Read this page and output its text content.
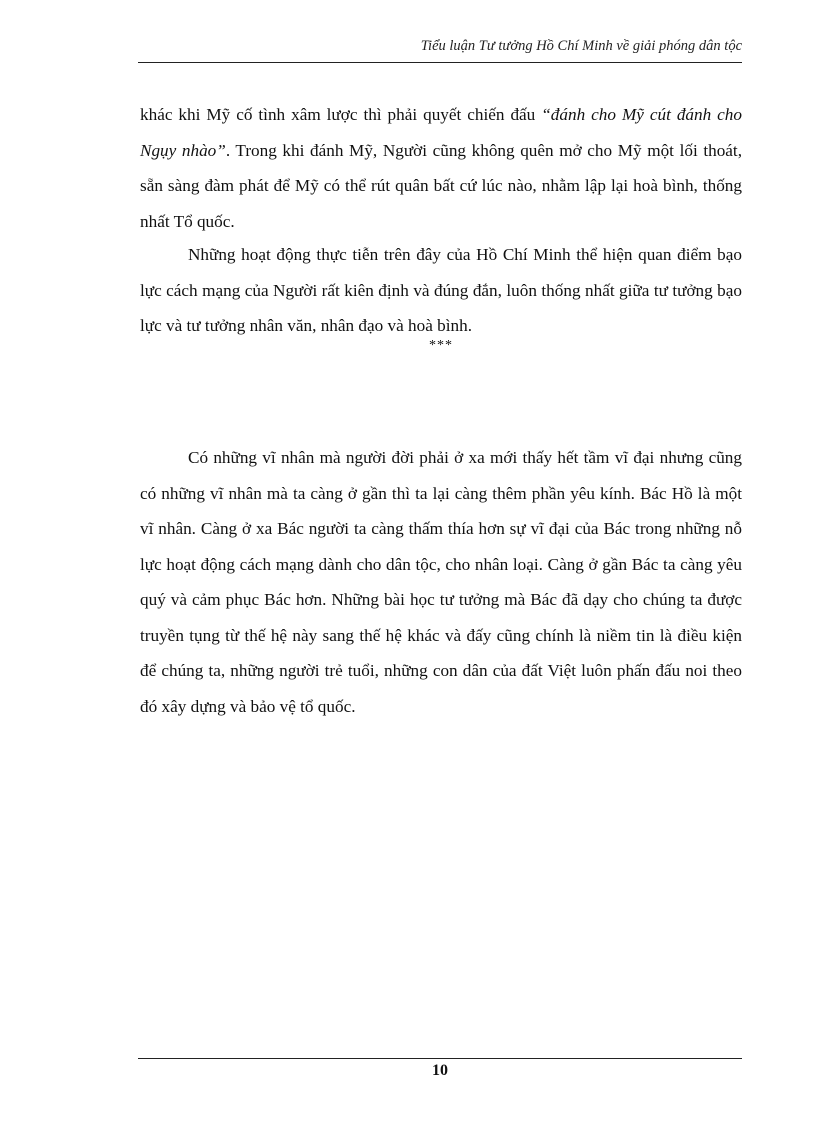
Tiểu luận Tư tưởng Hồ Chí Minh về giải phóng dân tộc

khác khi Mỹ cố tình xâm lược thì phải quyết chiến đấu “đánh cho Mỹ cút đánh cho Ngụy nhào”. Trong khi đánh Mỹ, Người cũng không quên mở cho Mỹ một lối thoát, sẵn sàng đàm phát để Mỹ có thể rút quân bất cứ lúc nào, nhằm lập lại hoà bình, thống nhất Tổ quốc.

Những hoạt động thực tiễn trên đây của Hồ Chí Minh thể hiện quan điểm bạo lực cách mạng của Người rất kiên định và đúng đắn, luôn thống nhất giữa tư tưởng bạo lực và tư tưởng nhân văn, nhân đạo và hoà bình.

***

Có những vĩ nhân mà người đời phải ở xa mới thấy hết tầm vĩ đại nhưng cũng có những vĩ nhân mà ta càng ở gần thì ta lại càng thêm phần yêu kính. Bác Hồ là một vĩ nhân. Càng ở xa Bác người ta càng thấm thía hơn sự vĩ đại của Bác trong những nỗ lực hoạt động cách mạng dành cho dân tộc, cho nhân loại. Càng ở gần Bác ta càng yêu quý và cảm phục Bác hơn. Những bài học tư tưởng mà Bác đã dạy cho chúng ta được truyền tụng từ thế hệ này sang thế hệ khác và đấy cũng chính là niềm tin là điều kiện để chúng ta, những người trẻ tuổi, những con dân của đất Việt luôn phấn đấu noi theo đó xây dựng và bảo vệ tổ quốc.

10
